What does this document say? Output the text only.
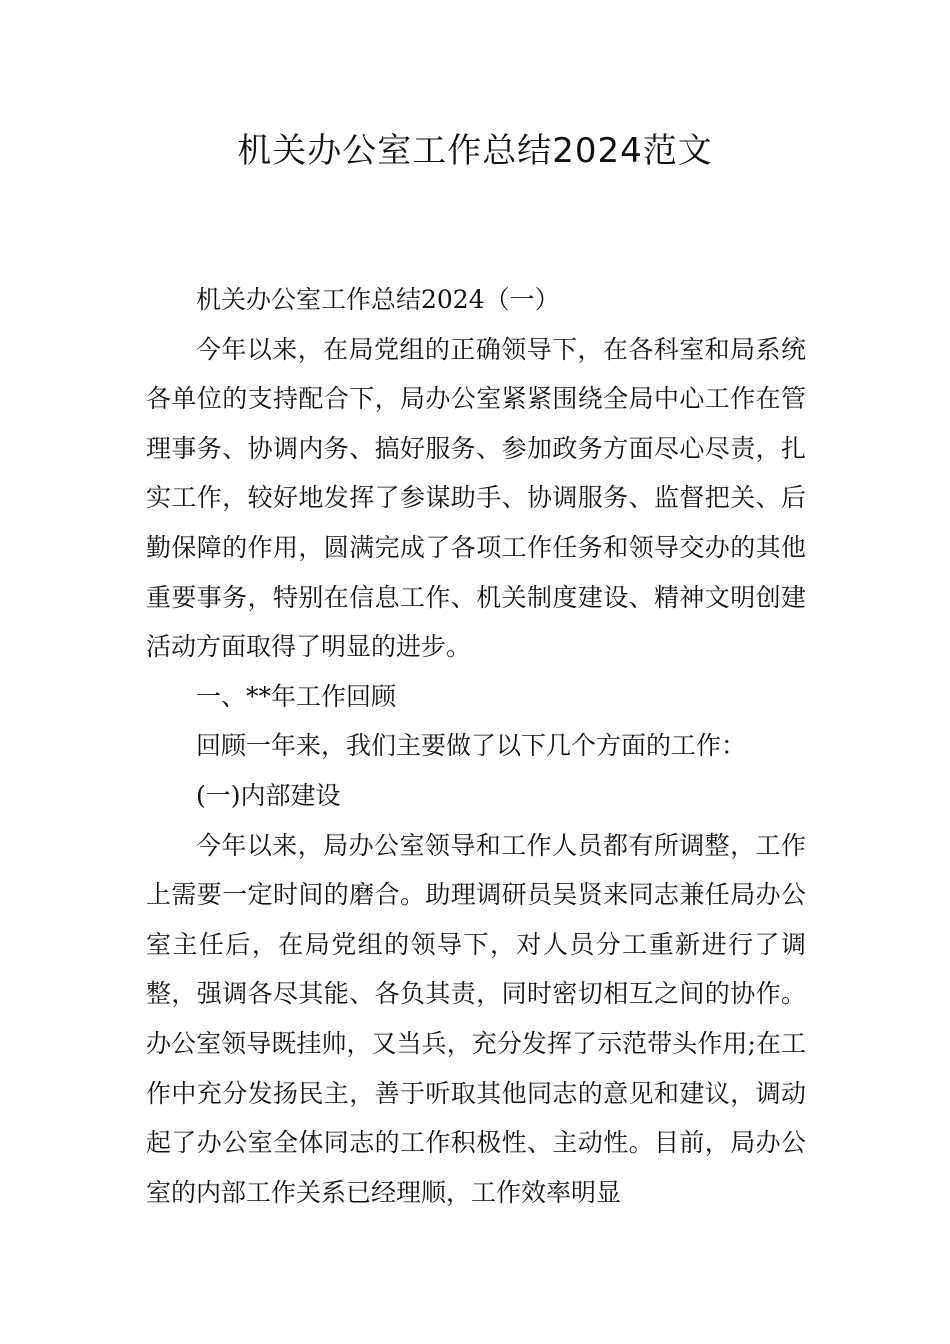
机关办公室工作总结2024范文

机关办公室工作总结2024（一）

今年以来，在局党组的正确领导下，在各科室和局系统各单位的支持配合下，局办公室紧紧围绕全局中心工作在管理事务、协调内务、搞好服务、参加政务方面尽心尽责，扎实工作，较好地发挥了参谋助手、协调服务、监督把关、后勤保障的作用，圆满完成了各项工作任务和领导交办的其他重要事务，特别在信息工作、机关制度建设、精神文明创建活动方面取得了明显的进步。

一、**年工作回顾

回顾一年来，我们主要做了以下几个方面的工作：

(一)内部建设

今年以来，局办公室领导和工作人员都有所调整，工作上需要一定时间的磨合。助理调研员吴贤来同志兼任局办公室主任后，在局党组的领导下，对人员分工重新进行了调整，强调各尽其能、各负其责，同时密切相互之间的协作。办公室领导既挂帅，又当兵，充分发挥了示范带头作用;在工作中充分发扬民主，善于听取其他同志的意见和建议，调动起了办公室全体同志的工作积极性、主动性。目前，局办公室的内部工作关系已经理顺，工作效率明显
